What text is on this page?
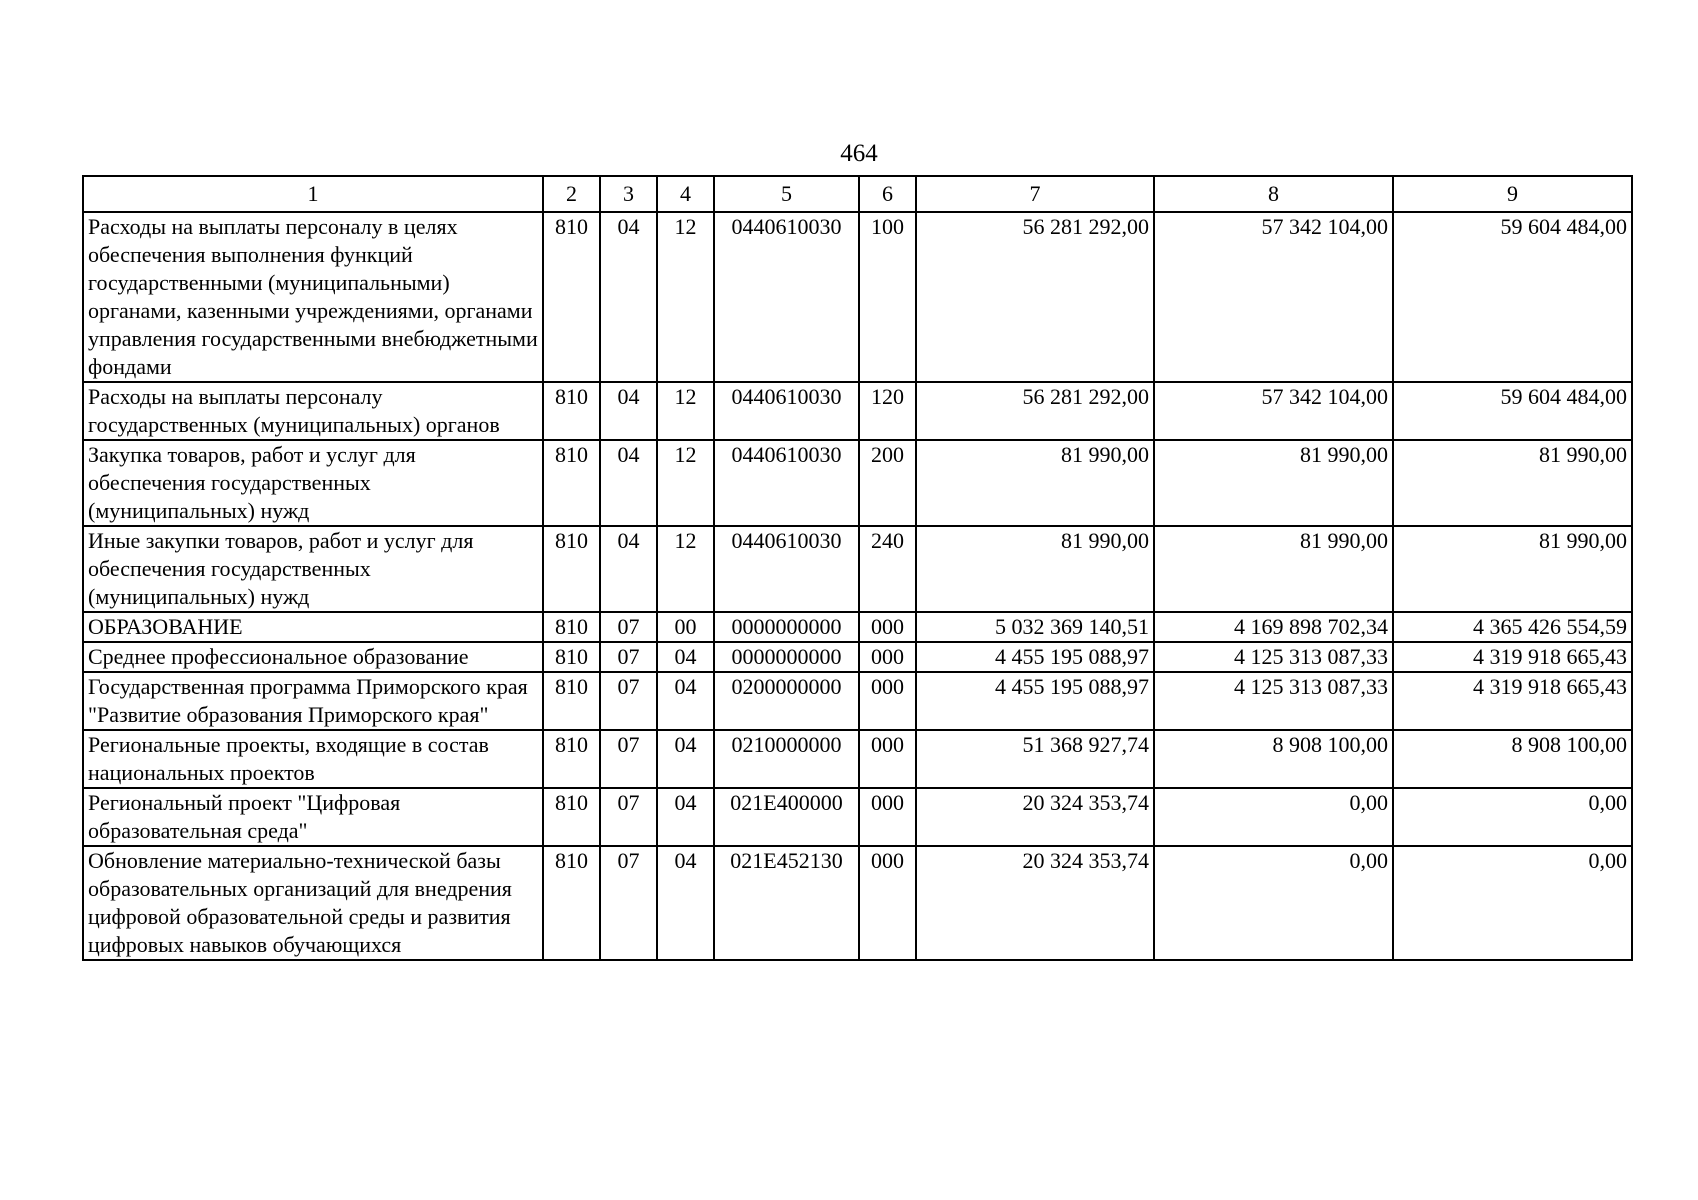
464
1	2	3	4	5	6	7	8	9
Расходы на выплаты персоналу в целях обеспечения выполнения функций государственными (муниципальными) органами, казенными учреждениями, органами управления государственными внебюджетными фондами	810	04	12	0440610030	100	56 281 292,00	57 342 104,00	59 604 484,00
Расходы на выплаты персоналу государственных (муниципальных) органов	810	04	12	0440610030	120	56 281 292,00	57 342 104,00	59 604 484,00
Закупка товаров, работ и услуг для обеспечения государственных (муниципальных) нужд	810	04	12	0440610030	200	81 990,00	81 990,00	81 990,00
Иные закупки товаров, работ и услуг для обеспечения государственных (муниципальных) нужд	810	04	12	0440610030	240	81 990,00	81 990,00	81 990,00
ОБРАЗОВАНИЕ	810	07	00	0000000000	000	5 032 369 140,51	4 169 898 702,34	4 365 426 554,59
Среднее профессиональное образование	810	07	04	0000000000	000	4 455 195 088,97	4 125 313 087,33	4 319 918 665,43
Государственная программа Приморского края "Развитие образования Приморского края"	810	07	04	0200000000	000	4 455 195 088,97	4 125 313 087,33	4 319 918 665,43
Региональные проекты, входящие в состав национальных проектов	810	07	04	0210000000	000	51 368 927,74	8 908 100,00	8 908 100,00
Региональный проект "Цифровая образовательная среда"	810	07	04	021E400000	000	20 324 353,74	0,00	0,00
Обновление материально-технической базы образовательных организаций для внедрения цифровой образовательной среды и развития цифровых навыков обучающихся	810	07	04	021E452130	000	20 324 353,74	0,00	0,00
